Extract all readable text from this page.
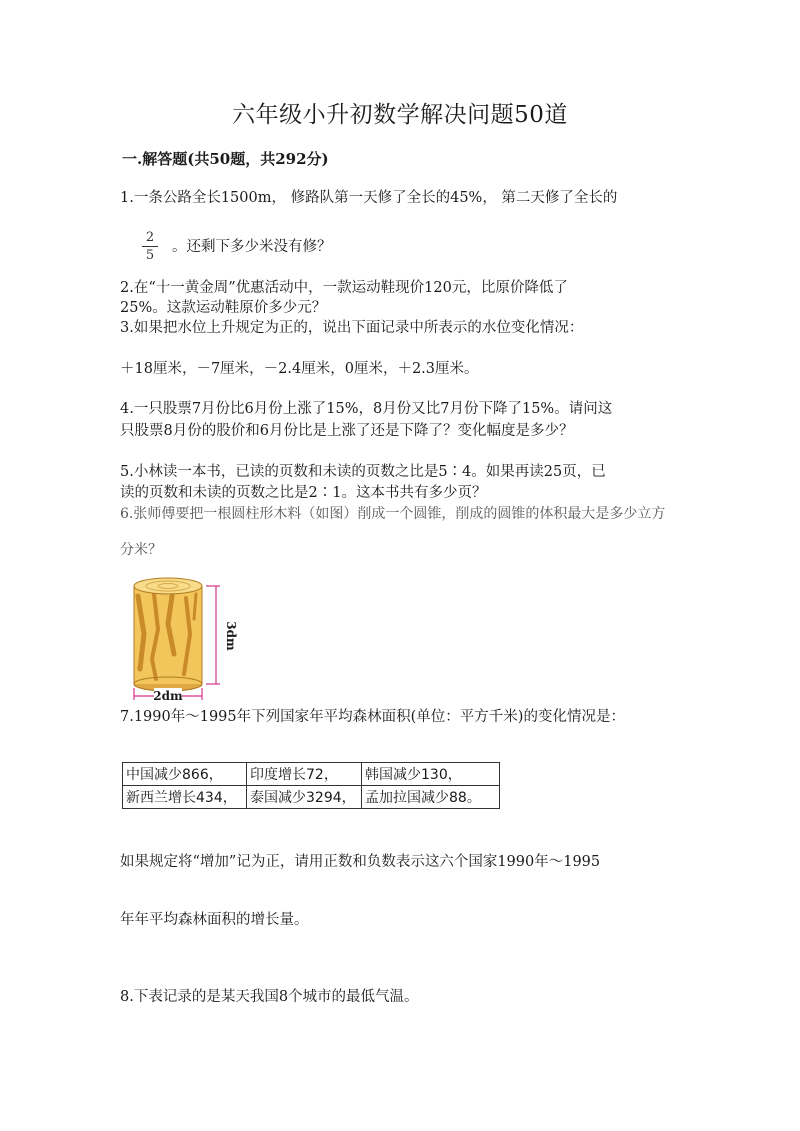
六年级小升初数学解决问题50道
一.解答题(共50题，共292分)
1.一条公路全长1500m， 修路队第一天修了全长的45%， 第二天修了全长的
2
5
。还剩下多少米没有修？
2.在“十一黄金周”优惠活动中，一款运动鞋现价120元，比原价降低了
25%。这款运动鞋原价多少元？
3.如果把水位上升规定为正的，说出下面记录中所表示的水位变化情况：
＋18厘米，－7厘米，－2.4厘米，0厘米，＋2.3厘米。
4.一只股票7月份比6月份上涨了15%，8月份又比7月份下降了15%。请问这
只股票8月份的股价和6月份比是上涨了还是下降了？变化幅度是多少？
5.小林读一本书，已读的页数和未读的页数之比是5∶4。如果再读25页，已
读的页数和未读的页数之比是2∶1。这本书共有多少页？
6.张师傅要把一根圆柱形木料（如图）削成一个圆锥，削成的圆锥的体积最大是多少立方
分米？
3dm
2dm
7.1990年～1995年下列国家年平均森林面积(单位：平方千米)的变化情况是：
中国减少866，	印度增长72，	韩国减少130，
新西兰增长434，	泰国减少3294，	孟加拉国减少88。
如果规定将“增加”记为正，请用正数和负数表示这六个国家1990年～1995
年年平均森林面积的增长量。
8.下表记录的是某天我国8个城市的最低气温。
